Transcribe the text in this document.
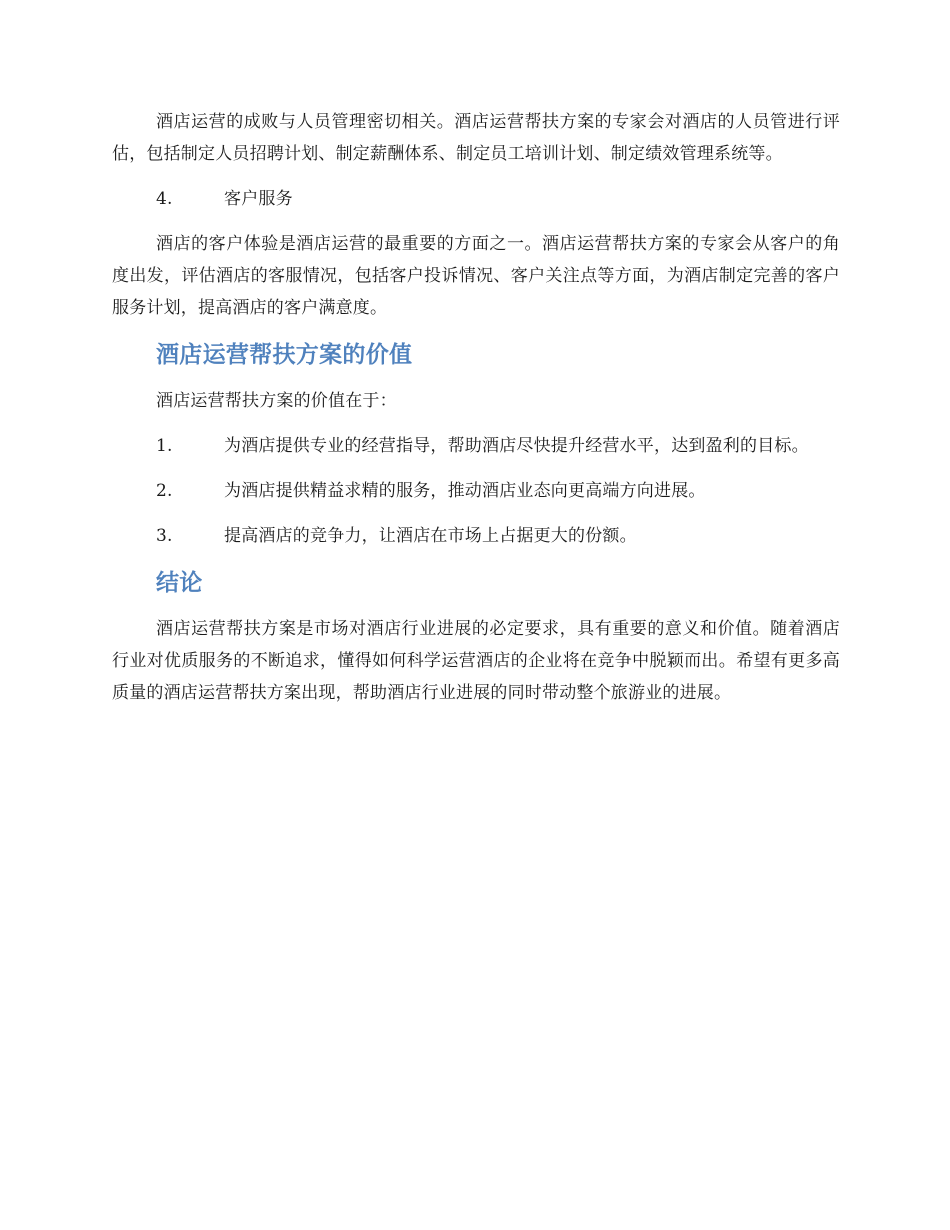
酒店运营的成败与人员管理密切相关。酒店运营帮扶方案的专家会对酒店的人员管进行评估，包括制定人员招聘计划、制定薪酬体系、制定员工培训计划、制定绩效管理系统等。

4.	客户服务

酒店的客户体验是酒店运营的最重要的方面之一。酒店运营帮扶方案的专家会从客户的角度出发，评估酒店的客服情况，包括客户投诉情况、客户关注点等方面，为酒店制定完善的客户服务计划，提高酒店的客户满意度。

酒店运营帮扶方案的价值

酒店运营帮扶方案的价值在于：

1.	为酒店提供专业的经营指导，帮助酒店尽快提升经营水平，达到盈利的目标。
2.	为酒店提供精益求精的服务，推动酒店业态向更高端方向进展。
3.	提高酒店的竞争力，让酒店在市场上占据更大的份额。
结论

酒店运营帮扶方案是市场对酒店行业进展的必定要求，具有重要的意义和价值。随着酒店行业对优质服务的不断追求，懂得如何科学运营酒店的企业将在竞争中脱颖而出。希望有更多高质量的酒店运营帮扶方案出现，帮助酒店行业进展的同时带动整个旅游业的进展。
